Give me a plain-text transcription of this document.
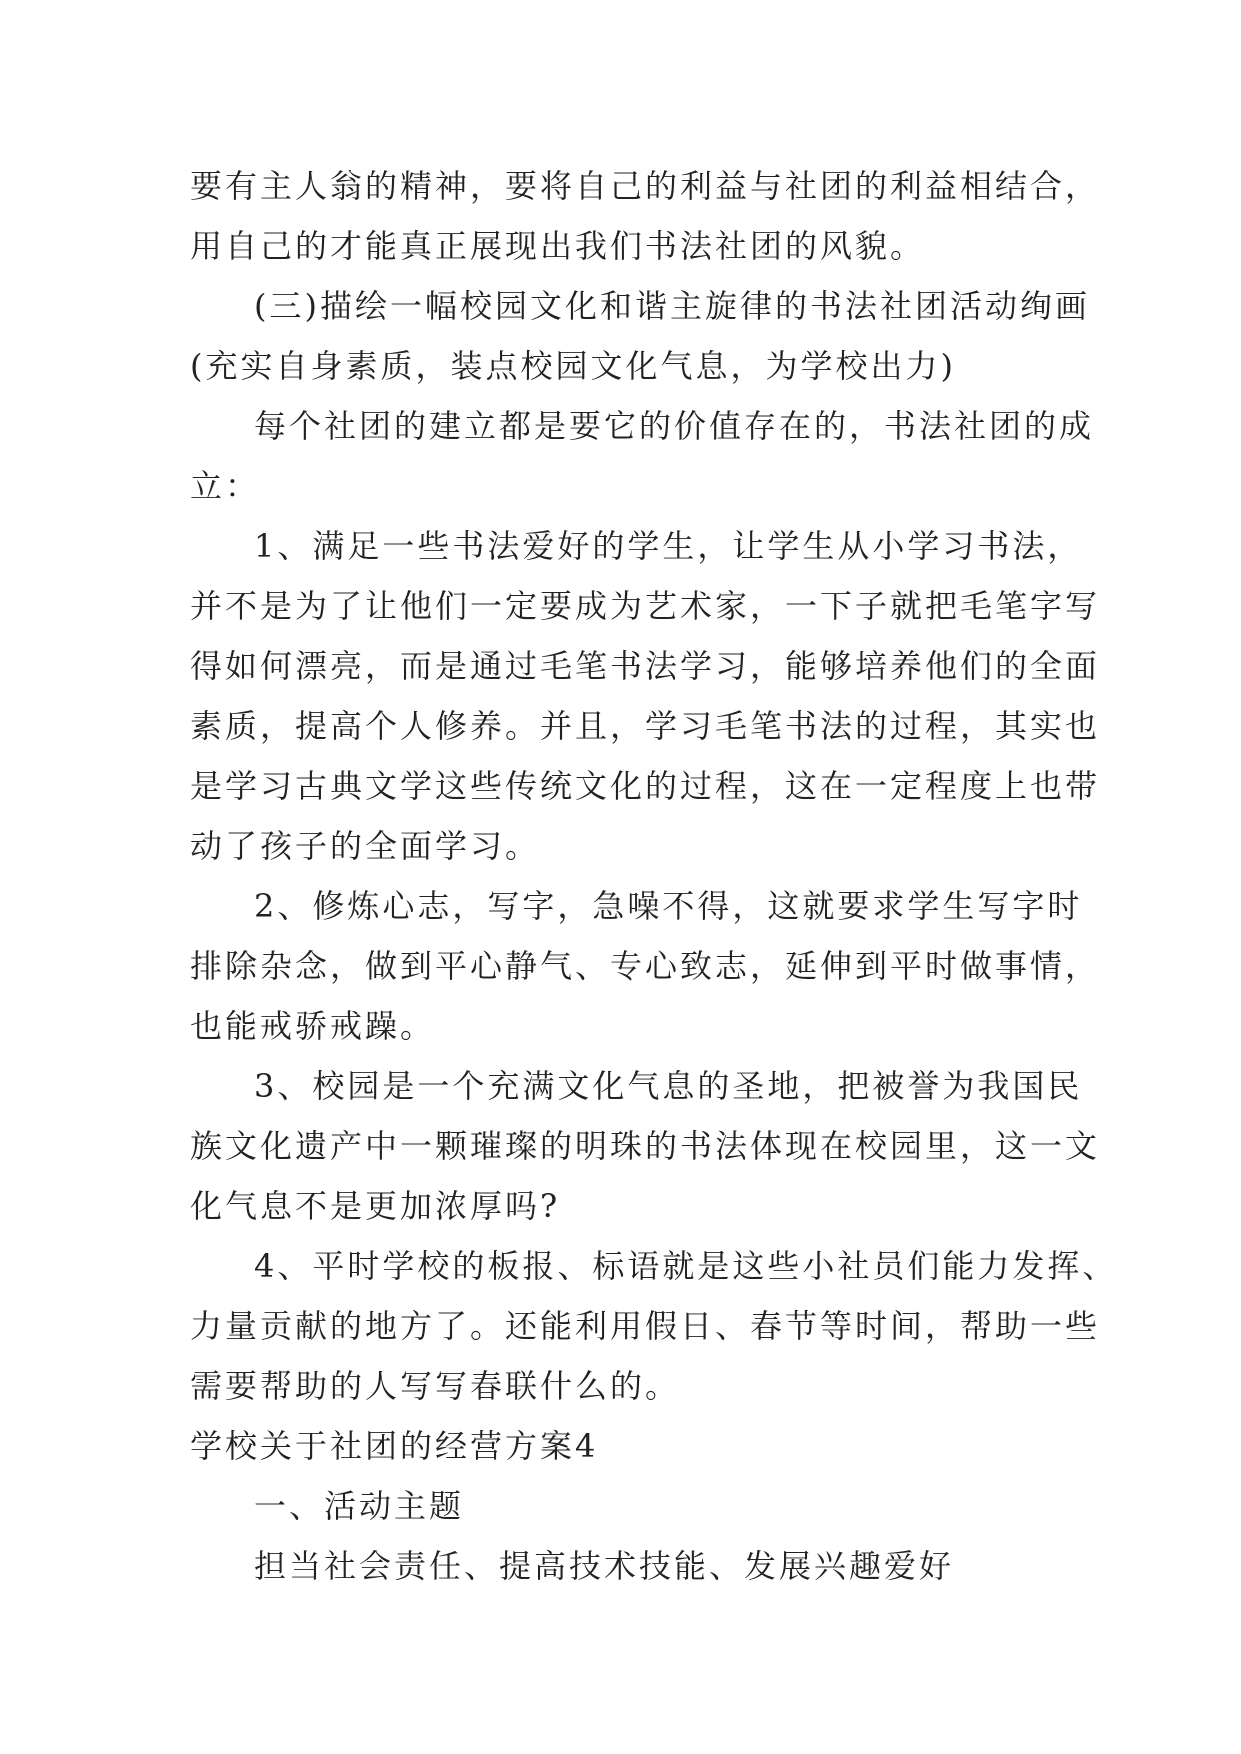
要有主人翁的精神，要将自己的利益与社团的利益相结合，
用自己的才能真正展现出我们书法社团的风貌。
(三)描绘一幅校园文化和谐主旋律的书法社团活动绚画
(充实自身素质，装点校园文化气息，为学校出力)
每个社团的建立都是要它的价值存在的，书法社团的成
立：
1、满足一些书法爱好的学生，让学生从小学习书法，
并不是为了让他们一定要成为艺术家，一下子就把毛笔字写
得如何漂亮，而是通过毛笔书法学习，能够培养他们的全面
素质，提高个人修养。并且，学习毛笔书法的过程，其实也
是学习古典文学这些传统文化的过程，这在一定程度上也带
动了孩子的全面学习。
2、修炼心志，写字，急噪不得，这就要求学生写字时
排除杂念，做到平心静气、专心致志，延伸到平时做事情，
也能戒骄戒躁。
3、校园是一个充满文化气息的圣地，把被誉为我国民
族文化遗产中一颗璀璨的明珠的书法体现在校园里，这一文
化气息不是更加浓厚吗?
4、平时学校的板报、标语就是这些小社员们能力发挥、
力量贡献的地方了。还能利用假日、春节等时间，帮助一些
需要帮助的人写写春联什么的。
学校关于社团的经营方案4
一、活动主题
担当社会责任、提高技术技能、发展兴趣爱好
